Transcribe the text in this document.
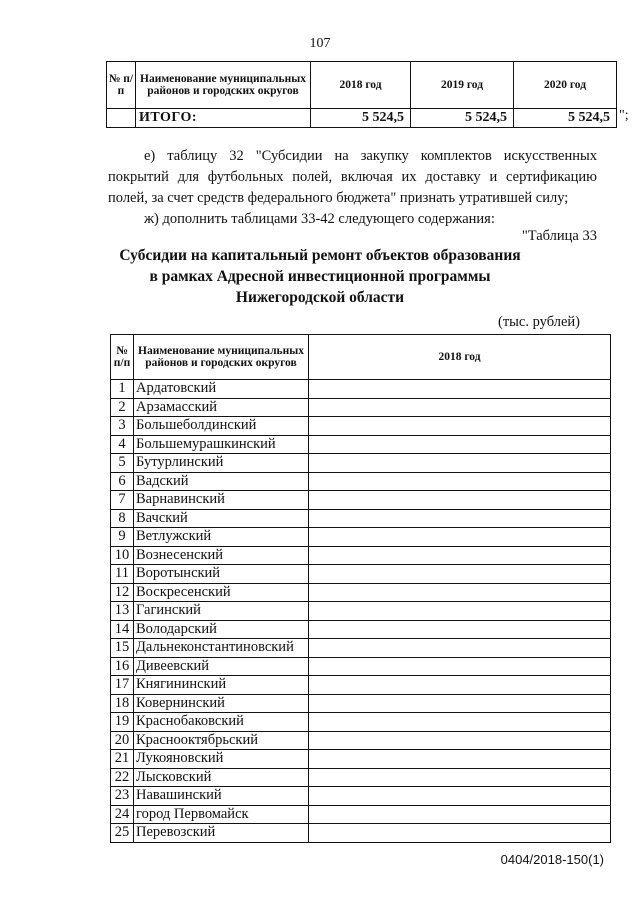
107
№ п/п	Наименование муниципальных районов и городских округов	2018 год	2019 год	2020 год
	ИТОГО:	5 524,5	5 524,5	5 524,5 ";

е) таблицу 32 "Субсидии на закупку комплектов искусственных покрытий для футбольных полей, включая их доставку и сертификацию полей, за счет средств федерального бюджета" признать утратившей силу;

ж) дополнить таблицами 33-42 следующего содержания:

"Таблица 33
Субсидии на капитальный ремонт объектов образования
в рамках Адресной инвестиционной программы
Нижегородской области
(тыс. рублей)
№ п/п	Наименование муниципальных районов и городских округов	2018 год
1	Ардатовский	
2	Арзамасский	
3	Большеболдинский	
4	Большемурашкинский	
5	Бутурлинский	
6	Вадский	
7	Варнавинский	
8	Вачский	
9	Ветлужский	
10	Вознесенский	
11	Воротынский	
12	Воскресенский	
13	Гагинский	
14	Володарский	
15	Дальнеконстантиновский	
16	Дивеевский	
17	Княгининский	
18	Ковернинский	
19	Краснобаковский	
20	Краснооктябрьский	
21	Лукояновский	
22	Лысковский	
23	Навашинский	
24	город Первомайск	
25	Перевозский	
0404/2018-150(1)
